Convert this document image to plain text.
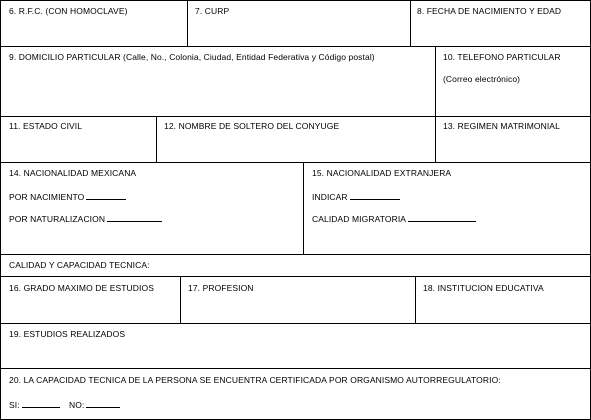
6. R.F.C. (CON HOMOCLAVE)	7. CURP	8. FECHA DE NACIMIENTO Y EDAD
9. DOMICILIO PARTICULAR (Calle, No., Colonia, Ciudad, Entidad Federativa y Código postal)	10. TELEFONO PARTICULAR
(Correo electrónico)
11. ESTADO CIVIL	12. NOMBRE DE SOLTERO DEL CONYUGE	13. REGIMEN MATRIMONIAL
14. NACIONALIDAD MEXICANA
POR NACIMIENTO
POR NATURALIZACION
15. NACIONALIDAD EXTRANJERA
INDICAR
CALIDAD MIGRATORIA
CALIDAD Y CAPACIDAD TECNICA:
16. GRADO MAXIMO DE ESTUDIOS	17. PROFESION	18. INSTITUCION EDUCATIVA
19. ESTUDIOS REALIZADOS
20. LA CAPACIDAD TECNICA DE LA PERSONA SE ENCUENTRA CERTIFICADA POR ORGANISMO AUTORREGULATORIO:
SI:	NO:
